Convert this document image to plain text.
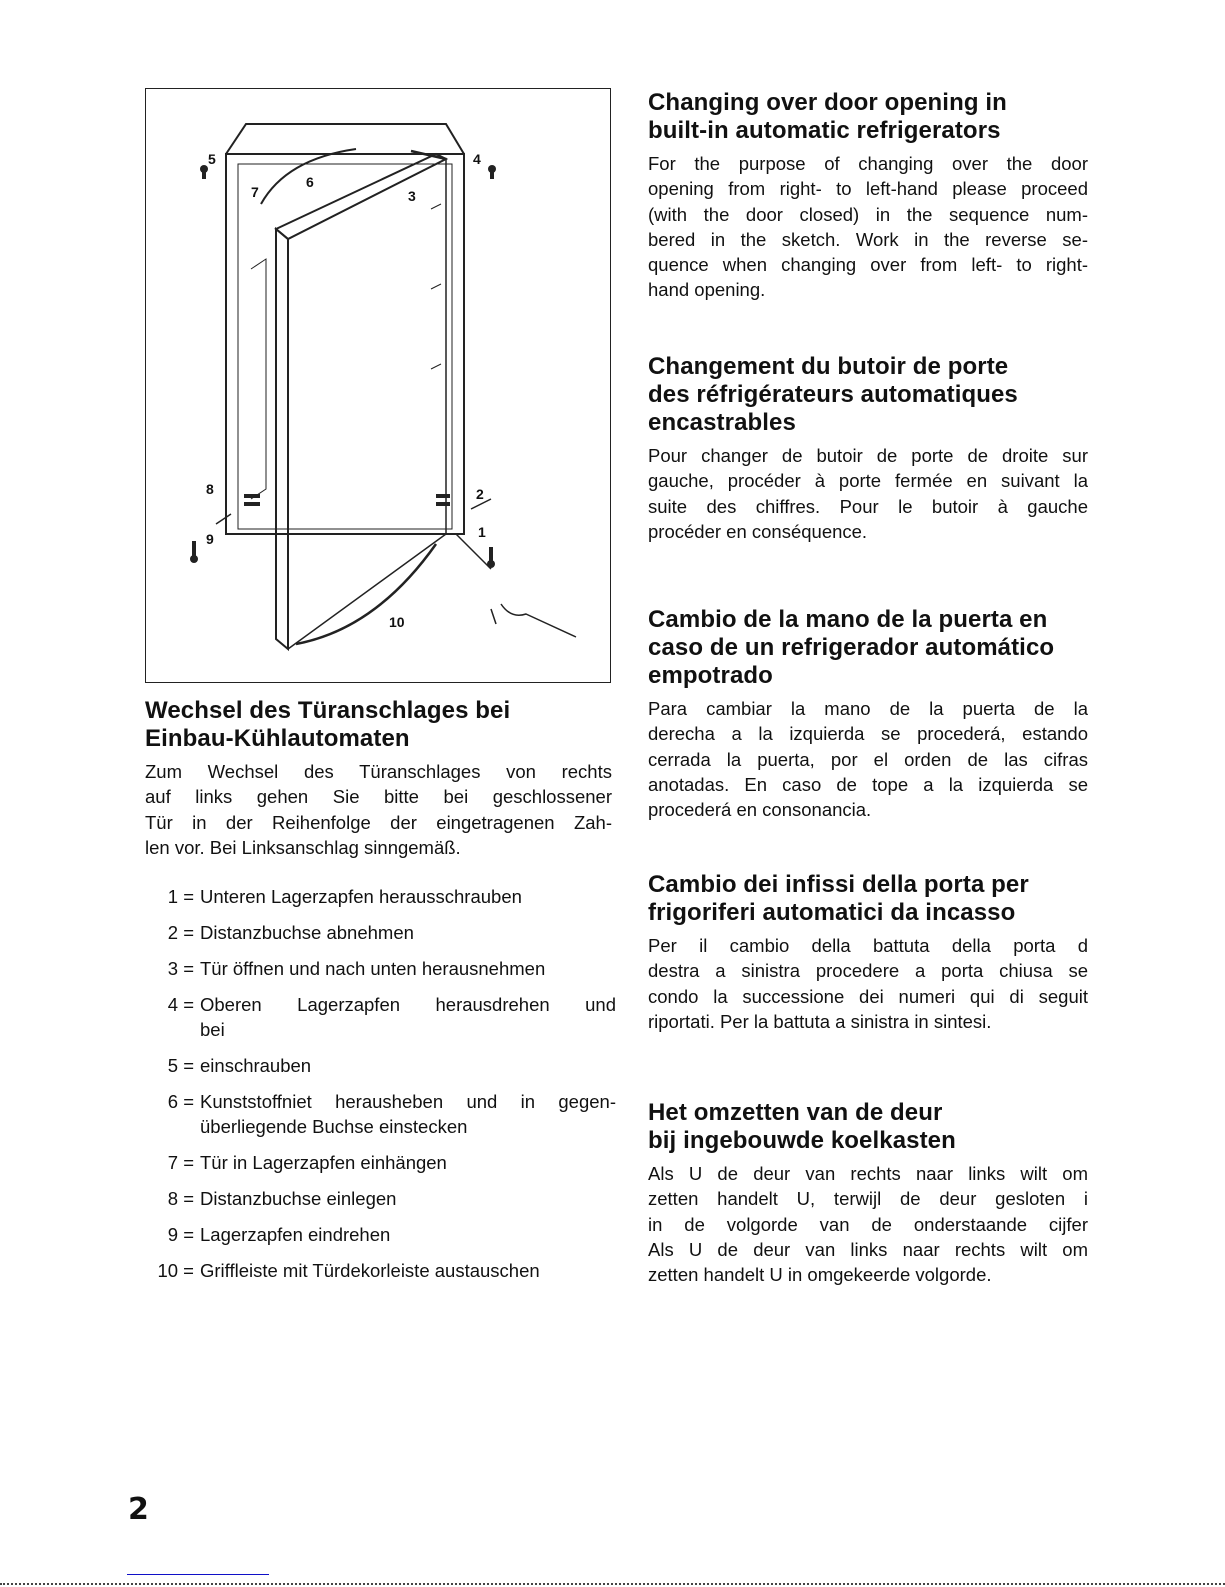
1
2
3
4
5
6
7
8
9
10
Wechsel des Türanschlages bei
Einbau-Kühlautomaten
Zum Wechsel des Türanschlages von rechts
auf links gehen Sie bitte bei geschlossener
Tür in der Reihenfolge der eingetragenen Zah-
len vor. Bei Linksanschlag sinngemäß.
1 = Unteren Lagerzapfen herausschrauben
2 = Distanzbuchse abnehmen
3 = Tür öffnen und nach unten herausnehmen
4 = Oberen Lagerzapfen herausdrehen und
bei
5 = einschrauben
6 = Kunststoffniet herausheben und in gegen-
überliegende Buchse einstecken
7 = Tür in Lagerzapfen einhängen
8 = Distanzbuchse einlegen
9 = Lagerzapfen eindrehen
10 = Griffleiste mit Türdekorleiste austauschen
Changing over door opening in
built-in automatic refrigerators
For the purpose of changing over the door
opening from right- to left-hand please proceed
(with the door closed) in the sequence num-
bered in the sketch. Work in the reverse se-
quence when changing over from left- to right-
hand opening.
Changement du butoir de porte
des réfrigérateurs automatiques
encastrables
Pour changer de butoir de porte de droite sur
gauche, procéder à porte fermée en suivant la
suite des chiffres. Pour le butoir à gauche
procéder en conséquence.
Cambio de la mano de la puerta en
caso de un refrigerador automático
empotrado
Para cambiar la mano de la puerta de la
derecha a la izquierda se procederá, estando
cerrada la puerta, por el orden de las cifras
anotadas. En caso de tope a la izquierda se
procederá en consonancia.
Cambio dei infissi della porta per
frigoriferi automatici da incasso
Per il cambio della battuta della porta d
destra a sinistra procedere a porta chiusa se
condo la successione dei numeri qui di seguit
riportati. Per la battuta a sinistra in sintesi.
Het omzetten van de deur
bij ingebouwde koelkasten
Als U de deur van rechts naar links wilt om
zetten handelt U, terwijl de deur gesloten i
in de volgorde van de onderstaande cijfer
Als U de deur van links naar rechts wilt om
zetten handelt U in omgekeerde volgorde.
2
